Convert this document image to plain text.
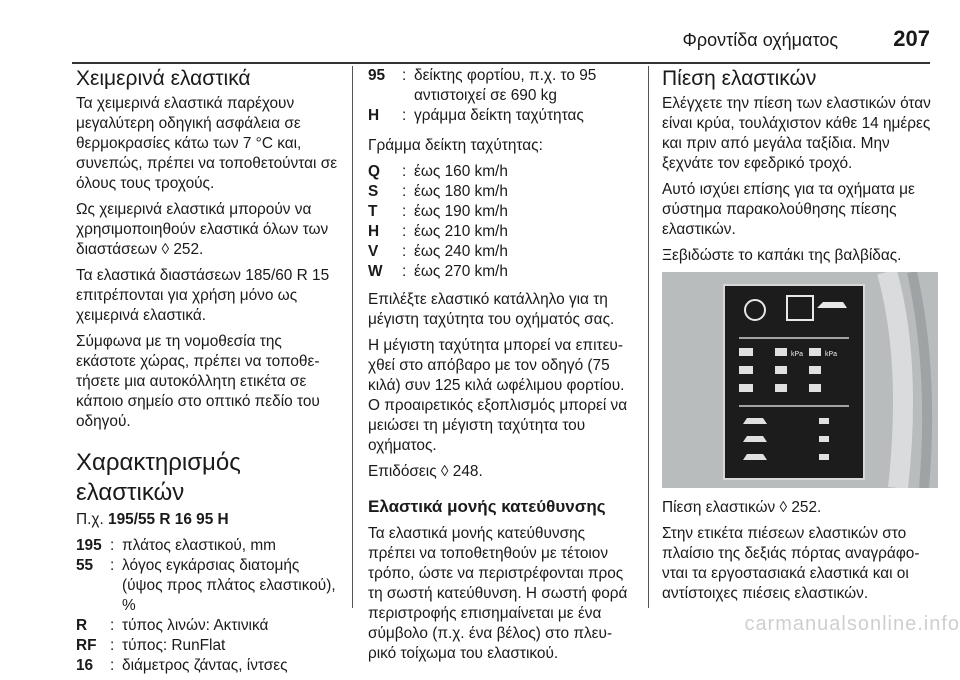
Φροντίδα οχήματος	207
Χειμερινά ελαστικά

Τα χειμερινά ελαστικά παρέχουν μεγαλύτερη οδηγική ασφάλεια σε θερμοκρασίες κάτω των 7 °C και, συνεπώς, πρέπει να τοποθετούνται σε όλους τους τροχούς.

Ως χειμερινά ελαστικά μπορούν να χρησιμοποιηθούν ελαστικά όλων των διαστάσεων ◊ 252.

Τα ελαστικά διαστάσεων 185/60 R 15 επιτρέπονται για χρήση μόνο ως χειμερινά ελαστικά.

Σύμφωνα με τη νομοθεσία της εκάστοτε χώρας, πρέπει να τοποθετήσετε μια αυτοκόλλητη ετικέτα σε κάποιο σημείο στο οπτικό πεδίο του οδηγού.

Χαρακτηρισμός ελαστικών

Π.χ. 195/55 R 16 95 H

195	:	πλάτος ελαστικού, mm
55	:	λόγος εγκάρσιας διατομής (ύψος προς πλάτος ελαστικού), %
R	:	τύπος λινών: Ακτινικά
RF	:	τύπος: RunFlat
16	:	διάμετρος ζάντας, ίντσες
95	:	δείκτης φορτίου, π.χ. το 95 αντιστοιχεί σε 690 kg
H	:	γράμμα δείκτη ταχύτητας

Γράμμα δείκτη ταχύτητας:

Q	:	έως 160 km/h
S	:	έως 180 km/h
T	:	έως 190 km/h
H	:	έως 210 km/h
V	:	έως 240 km/h
W	:	έως 270 km/h

Επιλέξτε ελαστικό κατάλληλο για τη μέγιστη ταχύτητα του οχήματός σας.

Η μέγιστη ταχύτητα μπορεί να επιτευχθεί στο απόβαρο με τον οδηγό (75 κιλά) συν 125 κιλά ωφέλιμου φορτίου. Ο προαιρετικός εξοπλισμός μπορεί να μειώσει τη μέγιστη ταχύτητα του οχήματος.

Επιδόσεις ◊ 248.

Ελαστικά μονής κατεύθυνσης

Τα ελαστικά μονής κατεύθυνσης πρέπει να τοποθετηθούν με τέτοιον τρόπο, ώστε να περιστρέφονται προς τη σωστή κατεύθυνση. Η σωστή φορά περιστροφής επισημαίνεται με ένα σύμβολο (π.χ. ένα βέλος) στο πλευρικό τοίχωμα του ελαστικού.

Πίεση ελαστικών

Ελέγχετε την πίεση των ελαστικών όταν είναι κρύα, τουλάχιστον κάθε 14 ημέρες και πριν από μεγάλα ταξίδια. Μην ξεχνάτε τον εφεδρικό τροχό.

Αυτό ισχύει επίσης για τα οχήματα με σύστημα παρακολούθησης πίεσης ελαστικών.

Ξεβιδώστε το καπάκι της βαλβίδας.

kPa	kPa

Πίεση ελαστικών ◊ 252.

Στην ετικέτα πιέσεων ελαστικών στο πλαίσιο της δεξιάς πόρτας αναγράφονται τα εργοστασιακά ελαστικά και οι αντίστοιχες πιέσεις ελαστικών.

carmanualsonline.info
